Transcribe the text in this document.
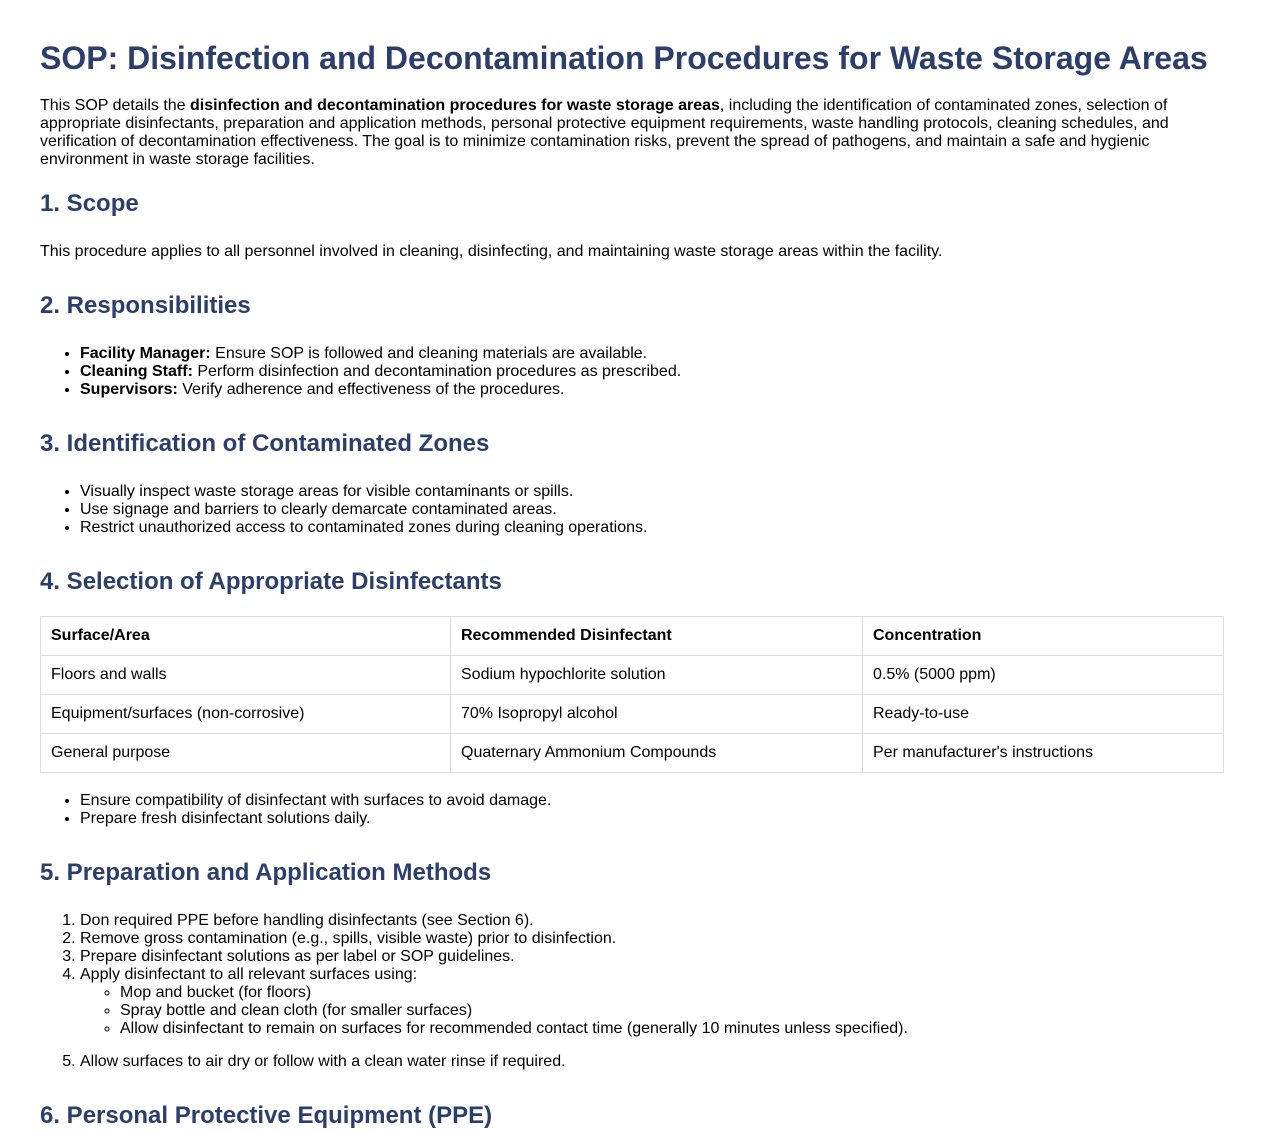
SOP: Disinfection and Decontamination Procedures for Waste Storage Areas

This SOP details the disinfection and decontamination procedures for waste storage areas, including the identification of contaminated zones, selection of appropriate disinfectants, preparation and application methods, personal protective equipment requirements, waste handling protocols, cleaning schedules, and verification of decontamination effectiveness. The goal is to minimize contamination risks, prevent the spread of pathogens, and maintain a safe and hygienic environment in waste storage facilities.

1. Scope

This procedure applies to all personnel involved in cleaning, disinfecting, and maintaining waste storage areas within the facility.

2. Responsibilities
• Facility Manager: Ensure SOP is followed and cleaning materials are available.
• Cleaning Staff: Perform disinfection and decontamination procedures as prescribed.
• Supervisors: Verify adherence and effectiveness of the procedures.
3. Identification of Contaminated Zones
• Visually inspect waste storage areas for visible contaminants or spills.
• Use signage and barriers to clearly demarcate contaminated areas.
• Restrict unauthorized access to contaminated zones during cleaning operations.
4. Selection of Appropriate Disinfectants
Surface/Area	Recommended Disinfectant	Concentration
Floors and walls	Sodium hypochlorite solution	0.5% (5000 ppm)
Equipment/surfaces (non-corrosive)	70% Isopropyl alcohol	Ready-to-use
General purpose	Quaternary Ammonium Compounds	Per manufacturer's instructions
• Ensure compatibility of disinfectant with surfaces to avoid damage.
• Prepare fresh disinfectant solutions daily.
5. Preparation and Application Methods
1. Don required PPE before handling disinfectants (see Section 6).
2. Remove gross contamination (e.g., spills, visible waste) prior to disinfection.
3. Prepare disinfectant solutions as per label or SOP guidelines.
4. Apply disinfectant to all relevant surfaces using:
◦ Mop and bucket (for floors)
◦ Spray bottle and clean cloth (for smaller surfaces)
◦ Allow disinfectant to remain on surfaces for recommended contact time (generally 10 minutes unless specified).
5. Allow surfaces to air dry or follow with a clean water rinse if required.
6. Personal Protective Equipment (PPE)
